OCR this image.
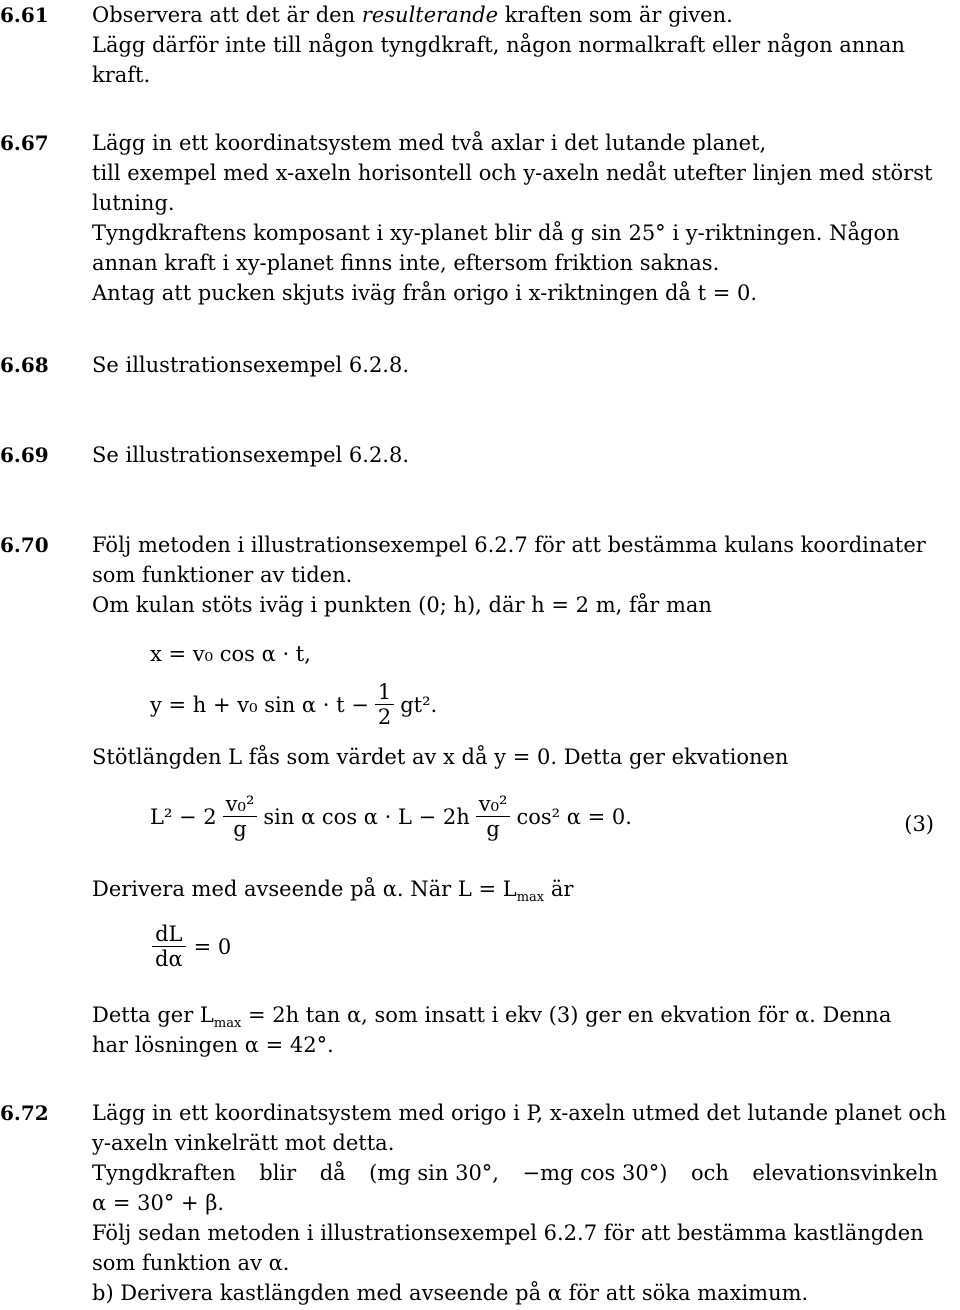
6.61 Observera att det är den resulterande kraften som är given.
Lägg därför inte till någon tyngdkraft, någon normalkraft eller någon annan
kraft.
6.67 Lägg in ett koordinatsystem med två axlar i det lutande planet,
till exempel med x-axeln horisontell och y-axeln nedåt utefter linjen med störst
lutning.
Tyngdkraftens komposant i xy-planet blir då g sin 25° i y-riktningen. Någon
annan kraft i xy-planet finns inte, eftersom friktion saknas.
Antag att pucken skjuts iväg från origo i x-riktningen då t = 0.
6.68 Se illustrationsexempel 6.2.8.
6.69 Se illustrationsexempel 6.2.8.
6.70 Följ metoden i illustrationsexempel 6.2.7 för att bestämma kulans koordinater
som funktioner av tiden.
Om kulan stöts iväg i punkten (0; h), där h = 2 m, får man
x = v₀ cos α · t,
y = h + v₀ $\sin \alpha \cdot t - \frac{1}{2} gt^2$.
Stötlängden L fås som värdet av x då y = 0. Detta ger ekvationen
$L^2 - 2 \frac{\text{v₀²}}{g}$ sin α $\cos \alpha \cdot L - 2h \frac{\text{v₀²}}{g} \cos^2$ α = 0.	(3)
Derivera med avseende på α. När $L = L_{max}$ är
$\frac{dL}{d\alpha} = 0$
Detta ger $L_{max} = 2h$ tan α, som insatt i ekv (3) ger en ekvation för α. Denna
har lösningen α = 42°.
6.72 Lägg in ett koordinatsystem med origo i P, x-axeln utmed det lutande planet och
y-axeln vinkelrätt mot detta.
Tyngdkraften blir då (mg sin 30°, −mg cos 30°) och elevationsvinkeln
α = 30° + β.
Följ sedan metoden i illustrationsexempel 6.2.7 för att bestämma kastlängden
som funktion av α.
b) Derivera kastlängden med avseende på α för att söka maximum.
